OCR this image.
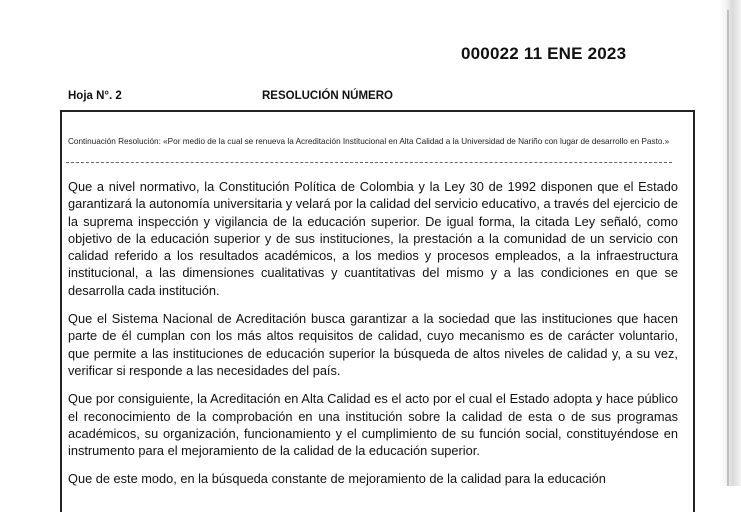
000022 11 ENE 2023
Hoja N°. 2	RESOLUCIÓN NÚMERO
Continuación Resolución: «Por medio de la cual se renueva la Acreditación Institucional en Alta Calidad a la Universidad de Nariño con lugar de desarrollo en Pasto.»

Que a nivel normativo, la Constitución Política de Colombia y la Ley 30 de 1992 disponen que el Estado garantizará la autonomía universitaria y velará por la calidad del servicio educativo, a través del ejercicio de la suprema inspección y vigilancia de la educación superior. De igual forma, la citada Ley señaló, como objetivo de la educación superior y de sus instituciones, la prestación a la comunidad de un servicio con calidad referido a los resultados académicos, a los medios y procesos empleados, a la infraestructura institucional, a las dimensiones cualitativas y cuantitativas del mismo y a las condiciones en que se desarrolla cada institución.

Que el Sistema Nacional de Acreditación busca garantizar a la sociedad que las instituciones que hacen parte de él cumplan con los más altos requisitos de calidad, cuyo mecanismo es de carácter voluntario, que permite a las instituciones de educación superior la búsqueda de altos niveles de calidad y, a su vez, verificar si responde a las necesidades del país.

Que por consiguiente, la Acreditación en Alta Calidad es el acto por el cual el Estado adopta y hace público el reconocimiento de la comprobación en una institución sobre la calidad de esta o de sus programas académicos, su organización, funcionamiento y el cumplimiento de su función social, constituyéndose en instrumento para el mejoramiento de la calidad de la educación superior.

Que de este modo, en la búsqueda constante de mejoramiento de la calidad para la educación
